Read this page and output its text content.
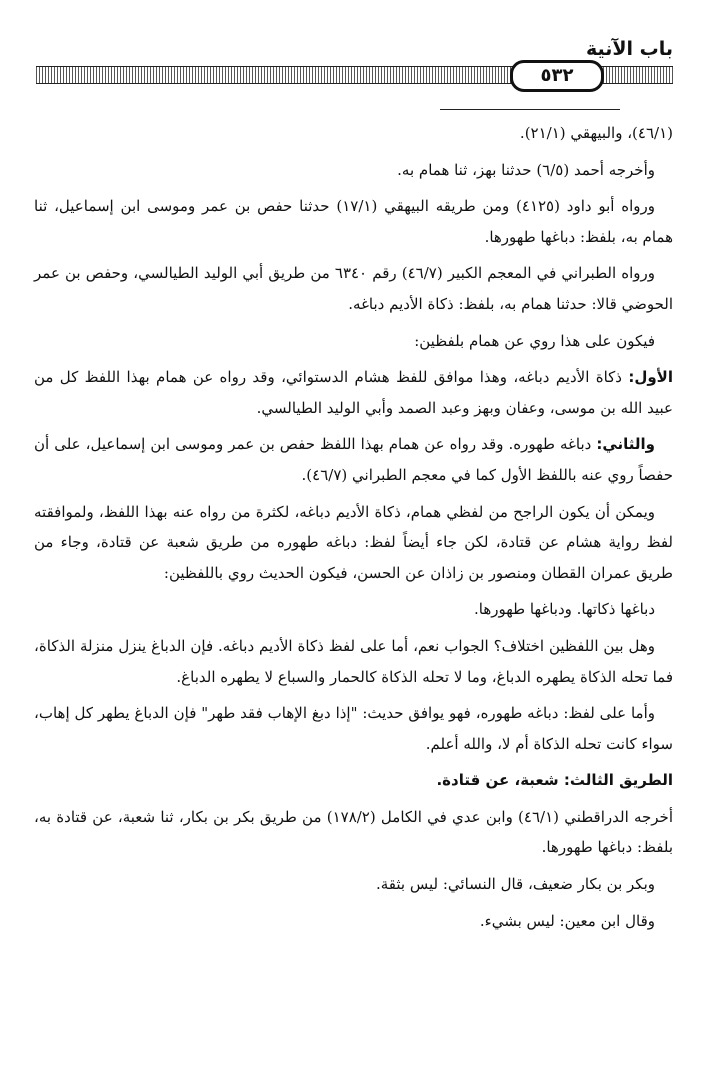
باب الآنية
٥٣٢

(٤٦/١)، والبيهقي (٢١/١).

وأخرجه أحمد (٦/٥) حدثنا بهز، ثنا همام به.

ورواه أبو داود (٤١٢٥) ومن طريقه البيهقي (١٧/١) حدثنا حفص بن عمر وموسى ابن إسماعيل، ثنا همام به، بلفظ: دباغها طهورها.

ورواه الطبراني في المعجم الكبير (٤٦/٧) رقم ٦٣٤٠ من طريق أبي الوليد الطيالسي، وحفص بن عمر الحوضي قالا: حدثنا همام به، بلفظ: ذكاة الأديم دباغه.

فيكون على هذا روي عن همام بلفظين:

الأول: ذكاة الأديم دباغه، وهذا موافق للفظ هشام الدستوائي، وقد رواه عن همام بهذا اللفظ كل من عبيد الله بن موسى، وعفان وبهز وعبد الصمد وأبي الوليد الطيالسي.

والثاني: دباغه طهوره. وقد رواه عن همام بهذا اللفظ حفص بن عمر وموسى ابن إسماعيل، على أن حفصاً روي عنه باللفظ الأول كما في معجم الطبراني (٤٦/٧).

ويمكن أن يكون الراجح من لفظي همام، ذكاة الأديم دباغه، لكثرة من رواه عنه بهذا اللفظ، ولموافقته لفظ رواية هشام عن قتادة، لكن جاء أيضاً لفظ: دباغه طهوره من طريق شعبة عن قتادة، وجاء من طريق عمران القطان ومنصور بن زاذان عن الحسن، فيكون الحديث روي باللفظين:

دباغها ذكاتها. ودباغها طهورها.

وهل بين اللفظين اختلاف؟ الجواب نعم، أما على لفظ ذكاة الأديم دباغه. فإن الدباغ ينزل منزلة الذكاة، فما تحله الذكاة يطهره الدباغ، وما لا تحله الذكاة كالحمار والسباع لا يطهره الدباغ.

وأما على لفظ: دباغه طهوره، فهو يوافق حديث: "إذا دبغ الإهاب فقد طهر" فإن الدباغ يطهر كل إهاب، سواء كانت تحله الذكاة أم لا، والله أعلم.

الطريق الثالث: شعبة، عن قتادة.

أخرجه الدراقطني (٤٦/١) وابن عدي في الكامل (١٧٨/٢) من طريق بكر بن بكار، ثنا شعبة، عن قتادة به، بلفظ: دباغها طهورها.

وبكر بن بكار ضعيف، قال النسائي: ليس بثقة.

وقال ابن معين: ليس بشيء.
